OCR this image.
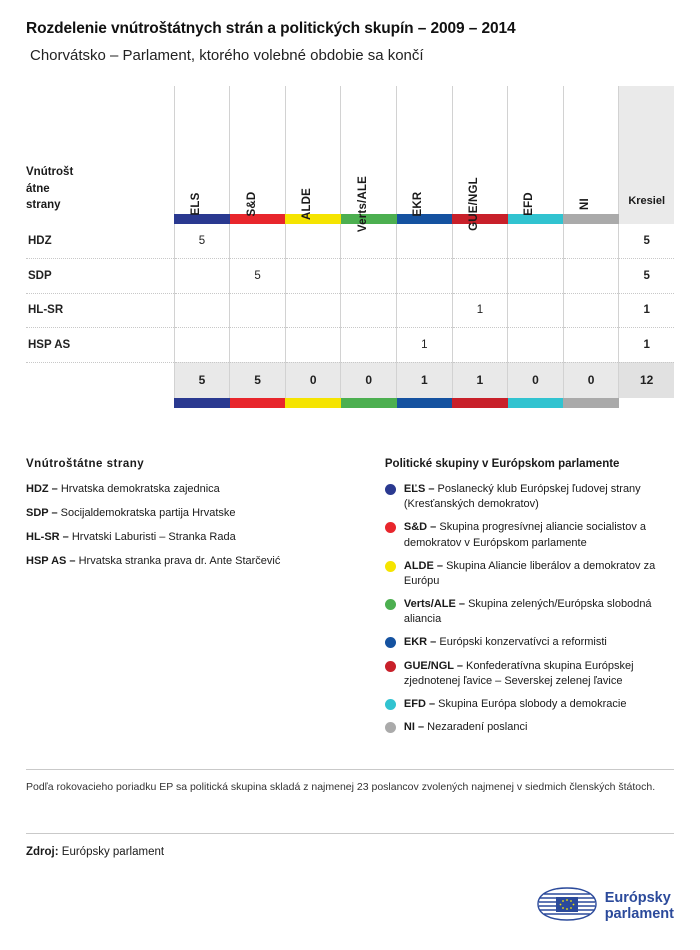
Rozdelenie vnútroštátnych strán a politických skupín – 2009 – 2014
Chorvátsko – Parlament, ktorého volebné obdobie sa končí
Vnútrošt
átne
strany	ELS	S&D	ALDE	Verts/ALE	EKR	GUE/NGL	EFD	NI	Kresiel

HDZ	5								5
SDP		5							5
HL-SR						1			1
HSP AS					1				1
	5	5	0	0	1	1	0	0	12

Vnútroštátne strany
HDZ – Hrvatska demokratska zajednica
SDP – Socijaldemokratska partija Hrvatske
HL-SR – Hrvatski Laburisti – Stranka Rada
HSP AS – Hrvatska stranka prava dr. Ante Starčević
Politické skupiny v Európskom parlamente
EĽS – Poslanecký klub Európskej ľudovej strany (Kresťanských demokratov)
S&D – Skupina progresívnej aliancie socialistov a demokratov v Európskom parlamente
ALDE – Skupina Aliancie liberálov a demokratov za Európu
Verts/ALE – Skupina zelených/Európska slobodná aliancia
EKR – Európski konzervatívci a reformisti
GUE/NGL – Konfederatívna skupina Európskej zjednotenej ľavice – Severskej zelenej ľavice
EFD – Skupina Európa slobody a demokracie
NI – Nezaradení poslanci
Podľa rokovacieho poriadku EP sa politická skupina skladá z najmenej 23 poslancov zvolených najmenej v siedmich členských štátoch.
Zdroj: Európsky parlament
Európsky
parlament
